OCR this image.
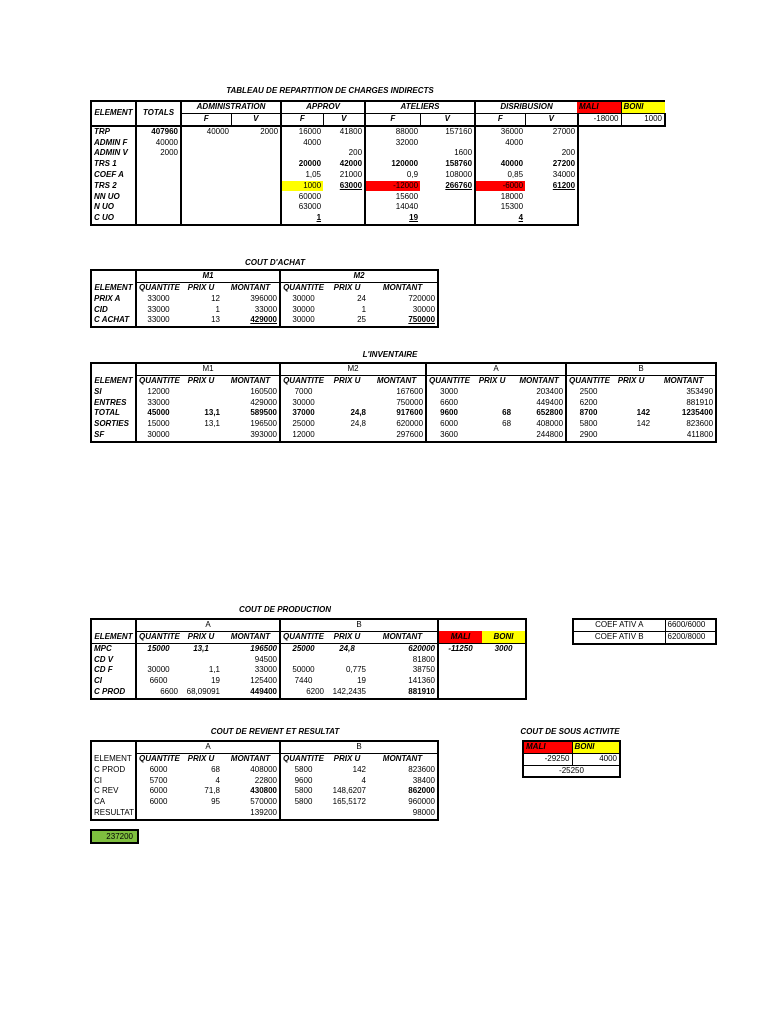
TABLEAU DE REPARTITION DE CHARGES INDIRECTS
ELEMENT	TOTALS	ADMINISTRATION		APPROV		ATELIERS		DISRIBUSION	
		F	V	F	V	F	V	F	V
TRP	407960	40000	2000	16000	41800	88000	157160	36000	27000
ADMIN F	40000			4000		32000		4000	
ADMIN V	2000				200		1600		200
TRS 1				20000	42000	120000	158760	40000	27200
COEF A				1,05	21000	0,9	108000	0,85	34000
TRS 2				1000	63000	-12000	266760	-6000	61200
NN UO				60000		15600		18000	
N UO				63000		14040		15300	
C UO				1		19		4	
MALI	BONI
-18000	1000
COUT D'ACHAT
	M1			M2		
ELEMENT	QUANTITE	PRIX U	MONTANT	QUANTITE	PRIX U	MONTANT
PRIX A	33000	12	396000	30000	24	720000
CID	33000	1	33000	30000	1	30000
C ACHAT	33000	13	429000	30000	25	750000
L'INVENTAIRE
	M1			M2			A			B		
ELEMENT	QUANTITE	PRIX U	MONTANT	QUANTITE	PRIX U	MONTANT	QUANTITE	PRIX U	MONTANT	QUANTITE	PRIX U	MONTANT
SI	12000		160500	7000		167600	3000		203400	2500		353490
ENTRES	33000		429000	30000		750000	6600		449400	6200		881910
TOTAL	45000	13,1	589500	37000	24,8	917600	9600	68	652800	8700	142	1235400
SORTIES	15000	13,1	196500	25000	24,8	620000	6000	68	408000	5800	142	823600
SF	30000		393000	12000		297600	3600		244800	2900		411800
COUT DE PRODUCTION
	A			B				
ELEMENT	QUANTITE	PRIX U	MONTANT	QUANTITE	PRIX U	MONTANT	MALI	BONI
MPC	15000	13,1	196500	25000	24,8	620000	-11250	3000
CD V			94500			81800		
CD F	30000	1,1	33000	50000	0,775	38750		
CI	6600	19	125400	7440	19	141360		
C PROD	6600	68,09091	449400	6200	142,2435	881910		
COEF ATIV A	6600/6000
COEF ATIV B	6200/8000
COUT DE REVIENT ET RESULTAT
	A			B		
ELEMENT	QUANTITE	PRIX U	MONTANT	QUANTITE	PRIX U	MONTANT
C PROD	6000	68	408000	5800	142	823600
CI	5700	4	22800	9600	4	38400
C REV	6000	71,8	430800	5800	148,6207	862000
CA	6000	95	570000	5800	165,5172	960000
RESULTAT			139200			98000
237200
COUT DE SOUS ACTIVITE
MALI	BONI
-29250	4000
-25250	
